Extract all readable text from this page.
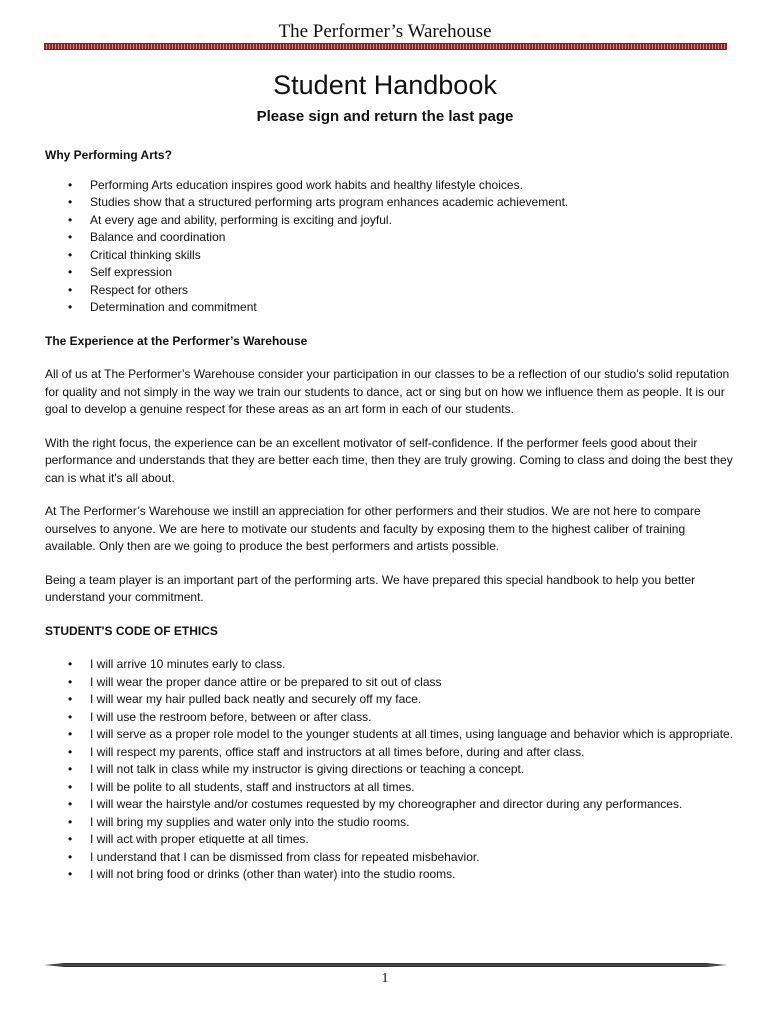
The Performer’s Warehouse
Student Handbook
Please sign and return the last page
Why Performing Arts?
• Performing Arts education inspires good work habits and healthy lifestyle choices.
• Studies show that a structured performing arts program enhances academic achievement.
• At every age and ability, performing is exciting and joyful.
• Balance and coordination
• Critical thinking skills
• Self expression
• Respect for others
• Determination and commitment
The Experience at the Performer’s Warehouse

All of us at The Performer’s Warehouse consider your participation in our classes to be a reflection of our studio's solid reputation for quality and not simply in the way we train our students to dance, act or sing but on how we influence them as people. It is our goal to develop a genuine respect for these areas as an art form in each of our students.

With the right focus, the experience can be an excellent motivator of self-confidence. If the performer feels good about their performance and understands that they are better each time, then they are truly growing. Coming to class and doing the best they can is what it's all about.

At The Performer’s Warehouse we instill an appreciation for other performers and their studios. We are not here to compare ourselves to anyone. We are here to motivate our students and faculty by exposing them to the highest caliber of training available. Only then are we going to produce the best performers and artists possible.

Being a team player is an important part of the performing arts. We have prepared this special handbook to help you better understand your commitment.

STUDENT'S CODE OF ETHICS
• I will arrive 10 minutes early to class.
• I will wear the proper dance attire or be prepared to sit out of class
• I will wear my hair pulled back neatly and securely off my face.
• I will use the restroom before, between or after class.
• I will serve as a proper role model to the younger students at all times, using language and behavior which is appropriate.
• I will respect my parents, office staff and instructors at all times before, during and after class.
• I will not talk in class while my instructor is giving directions or teaching a concept.
• I will be polite to all students, staff and instructors at all times.
• I will wear the hairstyle and/or costumes requested by my choreographer and director during any performances.
• I will bring my supplies and water only into the studio rooms.
• I will act with proper etiquette at all times.
• I understand that I can be dismissed from class for repeated misbehavior.
• I will not bring food or drinks (other than water) into the studio rooms.
1
